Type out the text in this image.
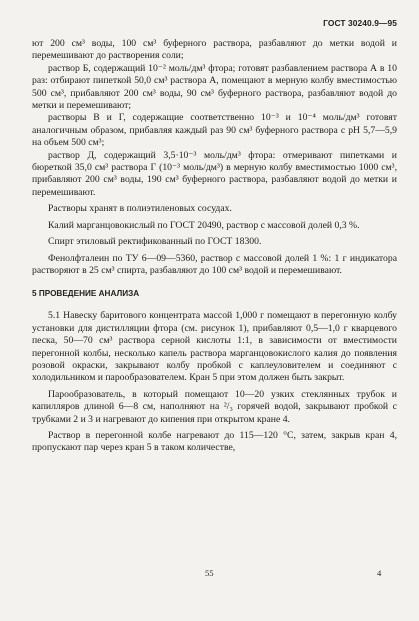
ГОСТ 30240.9—95

ют 200 см³ воды, 100 см³ буферного раствора, разбавляют до метки водой и перемешивают до растворения соли;

раствор Б, содержащий 10⁻² моль/дм³ фтора; готовят разбавлением раствора А в 10 раз: отбирают пипеткой 50,0 см³ раствора А, помещают в мерную колбу вместимостью 500 см³, прибавляют 200 см³ воды, 90 см³ буферного раствора, разбавляют водой до метки и перемешивают;

растворы В и Г, содержащие соответственно 10⁻³ и 10⁻⁴ моль/дм³ готовят аналогичным образом, прибавляя каждый раз 90 см³ буферного раствора с рН 5,7—5,9 на объем 500 см³;

раствор Д, содержащий 3,5·10⁻³ моль/дм³ фтора: отмеривают пипетками и бюреткой 35,0 см³ раствора Г (10⁻³ моль/дм³) в мерную колбу вместимостью 1000 см³, прибавляют 200 см³ воды, 190 см³ буферного раствора, разбавляют водой до метки и перемешивают.

Растворы хранят в полиэтиленовых сосудах.

Калий марганцовокислый по ГОСТ 20490, раствор с массовой долей 0,3 %.

Спирт этиловый ректификованный по ГОСТ 18300.

Фенолфталеин по ТУ 6—09—5360, раствор с массовой долей 1 %: 1 г индикатора растворяют в 25 см³ спирта, разбавляют до 100 см³ водой и перемешивают.

5 ПРОВЕДЕНИЕ АНАЛИЗА

5.1 Навеску баритового концентрата массой 1,000 г помещают в перегонную колбу установки для дистилляции фтора (см. рисунок 1), прибавляют 0,5—1,0 г кварцевого песка, 50—70 см³ раствора серной кислоты 1:1, в зависимости от вместимости перегонной колбы, несколько капель раствора марганцовокислого калия до появления розовой окраски, закрывают колбу пробкой с каплеуловителем и соединяют с холодильником и парообразователем. Кран 5 при этом должен быть закрыт.

Парообразователь, в который помещают 10—20 узких стеклянных трубок и капилляров длиной 6—8 см, наполняют на ²/₃ горячей водой, закрывают пробкой с трубками 2 и 3 и нагревают до кипения при открытом кране 4.

Раствор в перегонной колбе нагревают до 115—120 °С, затем, закрыв кран 4, пропускают пар через кран 5 в таком количестве,

55	4
